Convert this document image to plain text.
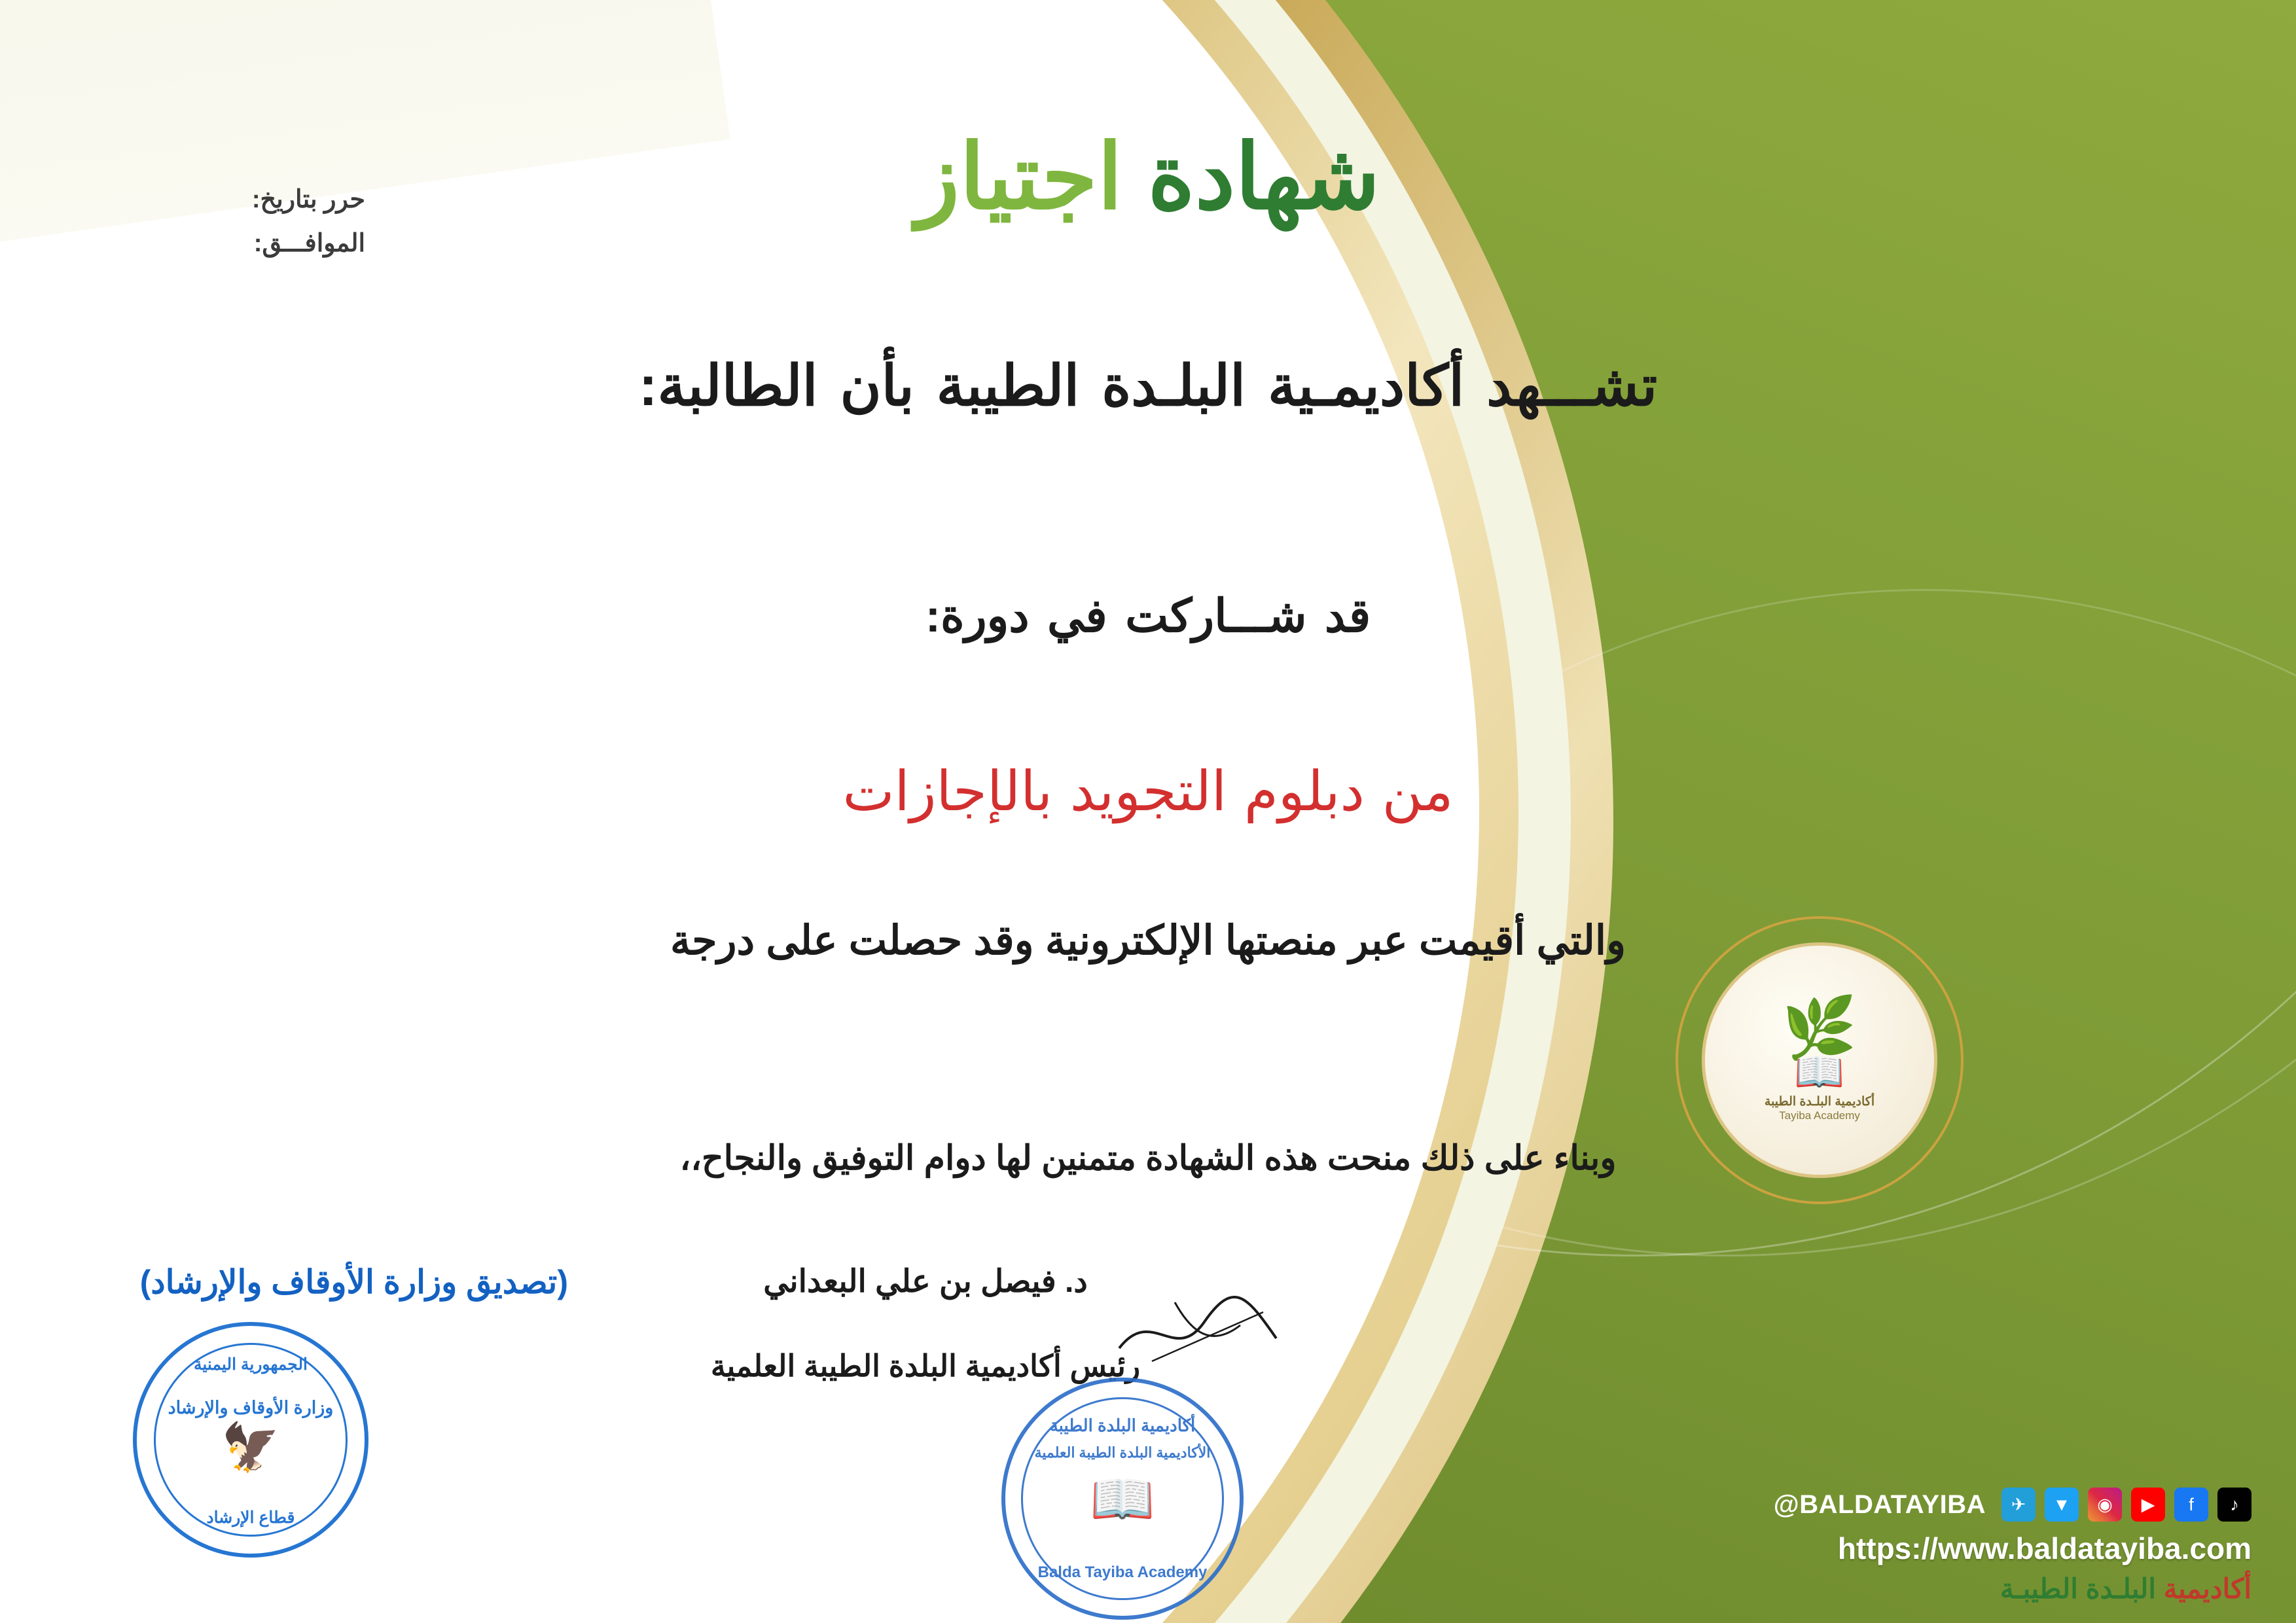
حرر بتاريخ:
الموافـــق:
شهادة اجتياز
تشـــهد أكاديمـية البلـدة الطيبة بأن الطالبة:
قد شـــاركت في دورة:
من دبلوم التجويد بالإجازات
والتي أقيمت عبر منصتها الإلكترونية وقد حصلت على درجة
وبناء على ذلك منحت هذه الشهادة متمنين لها دوام التوفيق والنجاح،،
(تصديق وزارة الأوقاف والإرشاد)
الجمهورية اليمنية
وزارة الأوقاف والإرشاد
🦅
قطاع الإرشاد
د. فيصل بن علي البعداني
رئيس أكاديمية البلدة الطيبة العلمية
أكاديمية البلدة الطيبة
الأكاديمية البلدة الطيبة العلمية
📖
Balda Tayiba Academy
🌿
📖
أكاديمية البلـدة الطيبة
Tayiba Academy
@BALDATAYIBA	✈	▼	◉	▶	f	♪
https://www.baldatayiba.com
أكاديمية البلـدة الطيبـة
